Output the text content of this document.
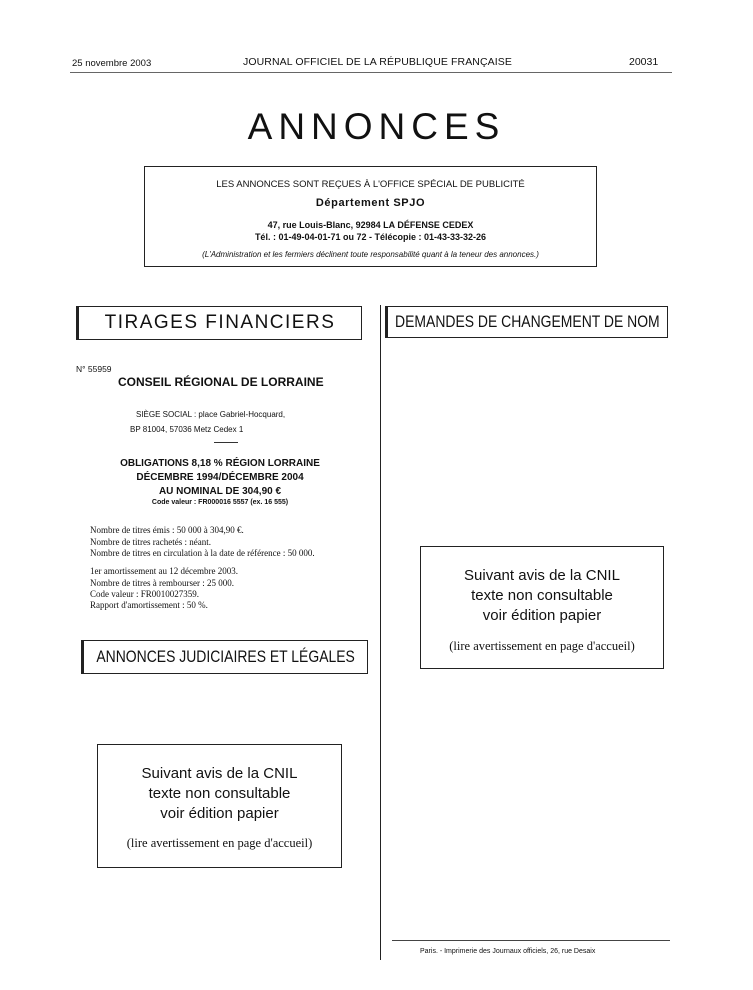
25 novembre 2003	JOURNAL OFFICIEL DE LA RÉPUBLIQUE FRANÇAISE	20031
ANNONCES
LES ANNONCES SONT REÇUES À L'OFFICE SPÉCIAL DE PUBLICITÉ
Département SPJO
47, rue Louis-Blanc, 92984 LA DÉFENSE CEDEX
Tél. : 01-49-04-01-71 ou 72 - Télécopie : 01-43-33-32-26
(L'Administration et les fermiers déclinent toute responsabilité quant à la teneur des annonces.)
TIRAGES FINANCIERS	DEMANDES DE CHANGEMENT DE NOM
N° 55959
CONSEIL RÉGIONAL DE LORRAINE
SIÈGE SOCIAL : place Gabriel-Hocquard,
BP 81004, 57036 Metz Cedex 1
OBLIGATIONS 8,18 % RÉGION LORRAINE
DÉCEMBRE 1994/DÉCEMBRE 2004
AU NOMINAL DE 304,90 €
Code valeur : FR000016 5557 (ex. 16 555)
Nombre de titres émis : 50 000 à 304,90 €.
Nombre de titres rachetés : néant.
Nombre de titres en circulation à la date de référence : 50 000.
1er amortissement au 12 décembre 2003.
Nombre de titres à rembourser : 25 000.
Code valeur : FR0010027359.
Rapport d'amortissement : 50 %.
ANNONCES JUDICIAIRES ET LÉGALES
Suivant avis de la CNIL
texte non consultable
voir édition papier
(lire avertissement en page d'accueil)
Suivant avis de la CNIL
texte non consultable
voir édition papier
(lire avertissement en page d'accueil)
Paris. - Imprimerie des Journaux officiels, 26, rue Desaix
